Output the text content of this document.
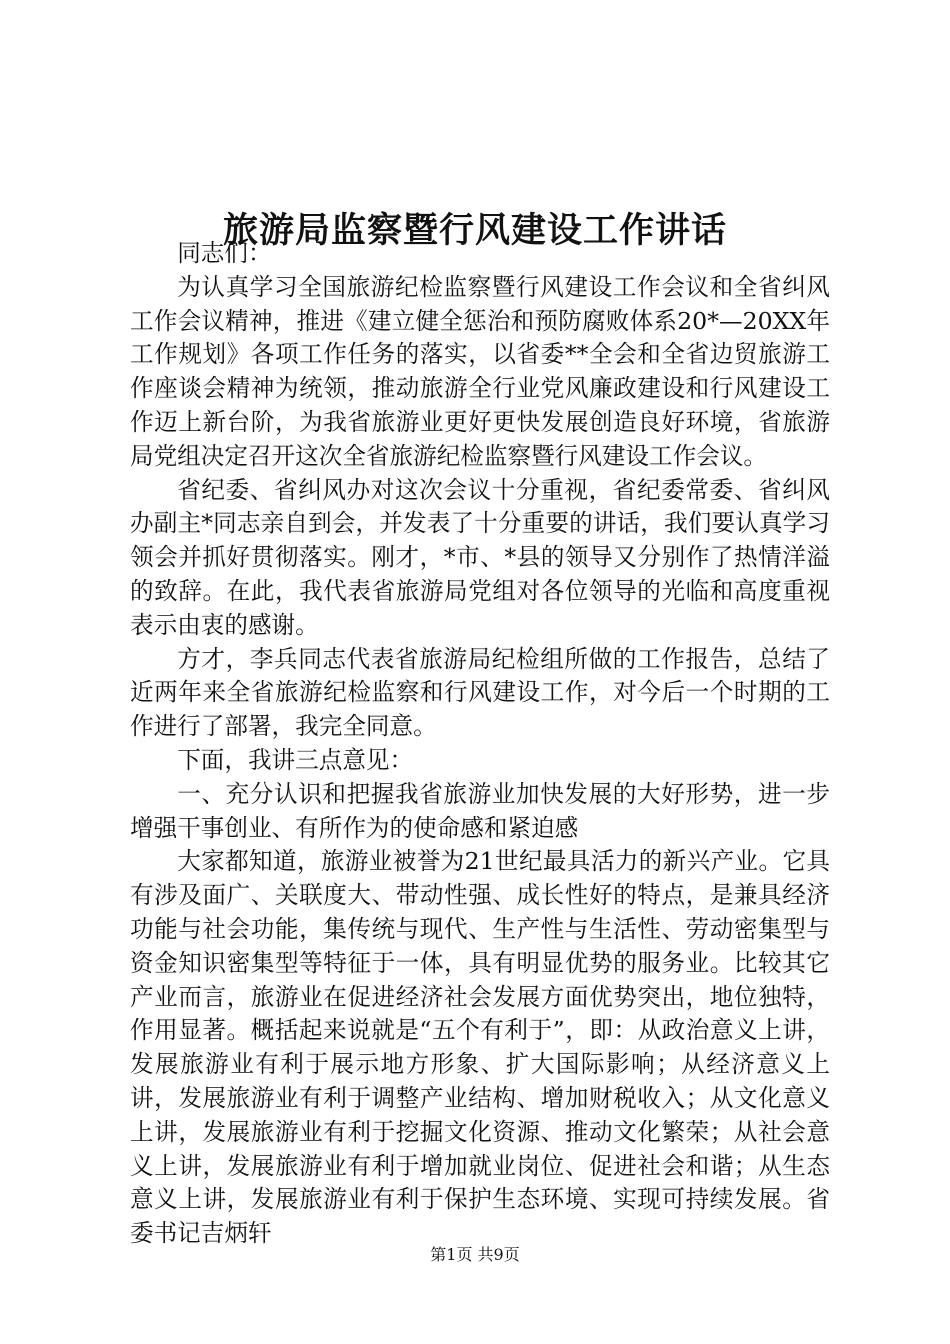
旅游局监察暨行风建设工作讲话

同志们：

为认真学习全国旅游纪检监察暨行风建设工作会议和全省纠风工作会议精神，推进《建立健全惩治和预防腐败体系20*—20XX年工作规划》各项工作任务的落实，以省委**全会和全省边贸旅游工作座谈会精神为统领，推动旅游全行业党风廉政建设和行风建设工作迈上新台阶，为我省旅游业更好更快发展创造良好环境，省旅游局党组决定召开这次全省旅游纪检监察暨行风建设工作会议。

省纪委、省纠风办对这次会议十分重视，省纪委常委、省纠风办副主*同志亲自到会，并发表了十分重要的讲话，我们要认真学习领会并抓好贯彻落实。刚才，*市、*县的领导又分别作了热情洋溢的致辞。在此，我代表省旅游局党组对各位领导的光临和高度重视表示由衷的感谢。

方才，李兵同志代表省旅游局纪检组所做的工作报告，总结了近两年来全省旅游纪检监察和行风建设工作，对今后一个时期的工作进行了部署，我完全同意。

下面，我讲三点意见：

一、充分认识和把握我省旅游业加快发展的大好形势，进一步增强干事创业、有所作为的使命感和紧迫感

大家都知道，旅游业被誉为21世纪最具活力的新兴产业。它具有涉及面广、关联度大、带动性强、成长性好的特点，是兼具经济功能与社会功能，集传统与现代、生产性与生活性、劳动密集型与资金知识密集型等特征于一体，具有明显优势的服务业。比较其它产业而言，旅游业在促进经济社会发展方面优势突出，地位独特，作用显著。概括起来说就是“五个有利于”，即：从政治意义上讲，发展旅游业有利于展示地方形象、扩大国际影响；从经济意义上讲，发展旅游业有利于调整产业结构、增加财税收入；从文化意义上讲，发展旅游业有利于挖掘文化资源、推动文化繁荣；从社会意义上讲，发展旅游业有利于增加就业岗位、促进社会和谐；从生态意义上讲，发展旅游业有利于保护生态环境、实现可持续发展。省委书记吉炳轩

第1页 共9页
